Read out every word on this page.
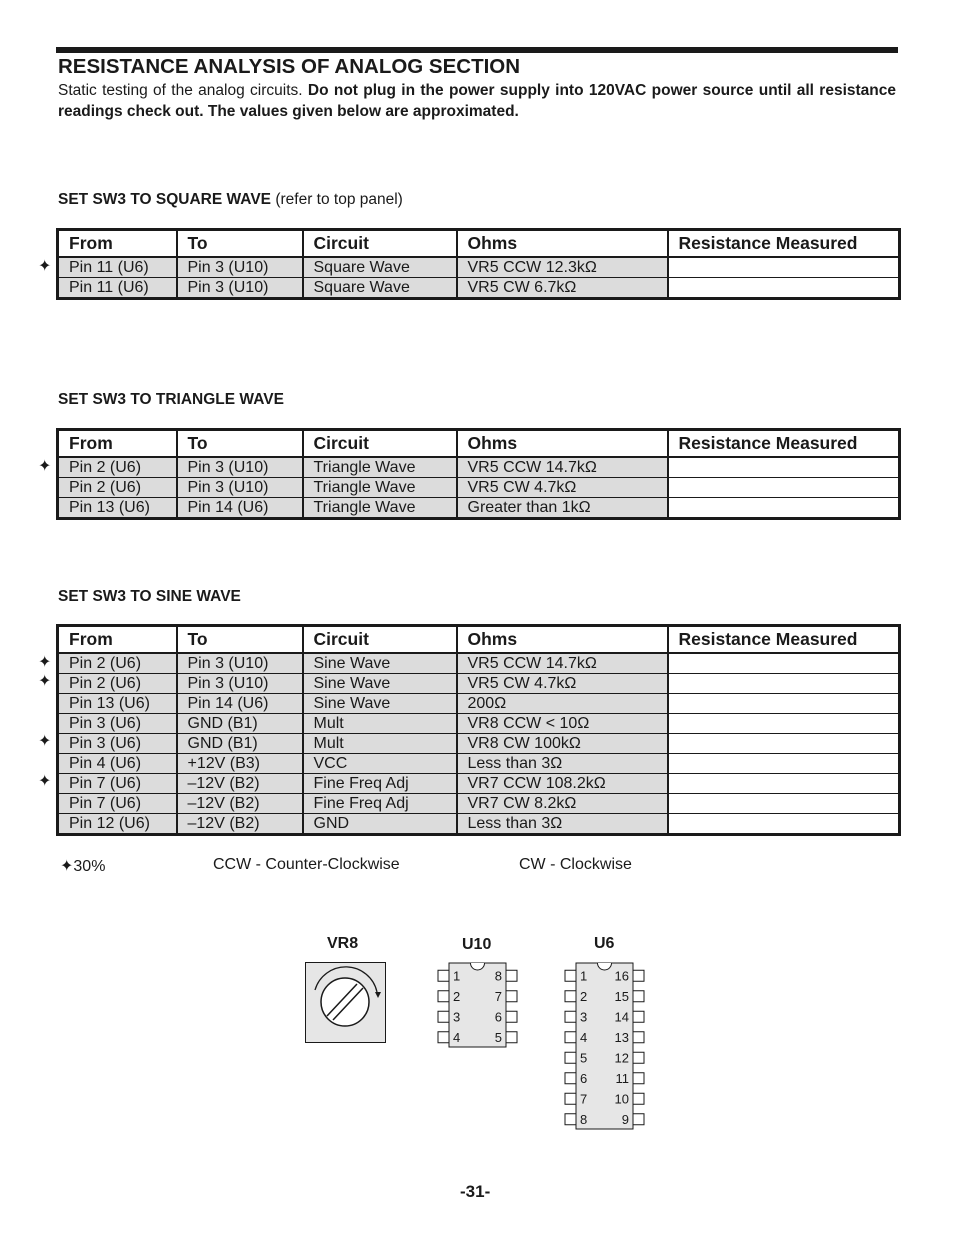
RESISTANCE ANALYSIS OF ANALOG SECTION
Static testing of the analog circuits. Do not plug in the power supply into 120VAC power source until all resistance readings check out. The values given below are approximated.
SET SW3 TO SQUARE WAVE (refer to top panel)
From	To	Circuit	Ohms	Resistance Measured
Pin 11 (U6)	Pin 3 (U10)	Square Wave	VR5 CCW 12.3kΩ	
Pin 11 (U6)	Pin 3 (U10)	Square Wave	VR5 CW 6.7kΩ	
SET SW3 TO TRIANGLE WAVE
From	To	Circuit	Ohms	Resistance Measured
Pin 2 (U6)	Pin 3 (U10)	Triangle Wave	VR5 CCW 14.7kΩ	
Pin 2 (U6)	Pin 3 (U10)	Triangle Wave	VR5 CW 4.7kΩ	
Pin 13 (U6)	Pin 14 (U6)	Triangle Wave	Greater than 1kΩ	
SET SW3 TO SINE WAVE
From	To	Circuit	Ohms	Resistance Measured
Pin 2 (U6)	Pin 3 (U10)	Sine Wave	VR5 CCW 14.7kΩ	
Pin 2 (U6)	Pin 3 (U10)	Sine Wave	VR5 CW 4.7kΩ	
Pin 13 (U6)	Pin 14 (U6)	Sine Wave	200Ω	
Pin 3 (U6)	GND (B1)	Mult	VR8 CCW < 10Ω	
Pin 3 (U6)	GND (B1)	Mult	VR8 CW 100kΩ	
Pin 4 (U6)	+12V (B3)	VCC	Less than 3Ω	
Pin 7 (U6)	–12V (B2)	Fine Freq Adj	VR7 CCW 108.2kΩ	
Pin 7 (U6)	–12V (B2)	Fine Freq Adj	VR7 CW 8.2kΩ	
Pin 12 (U6)	–12V (B2)	GND	Less than 3Ω	
✦
✦
✦
✦
✦
✦
✦30%	CCW - Counter-Clockwise	CW - Clockwise
VR8	U10	U6
1	8
2	7
3	6
4	5
1 16
2 15
3 14
4 13
5 12
6 11
7 10
8	9
-31-
